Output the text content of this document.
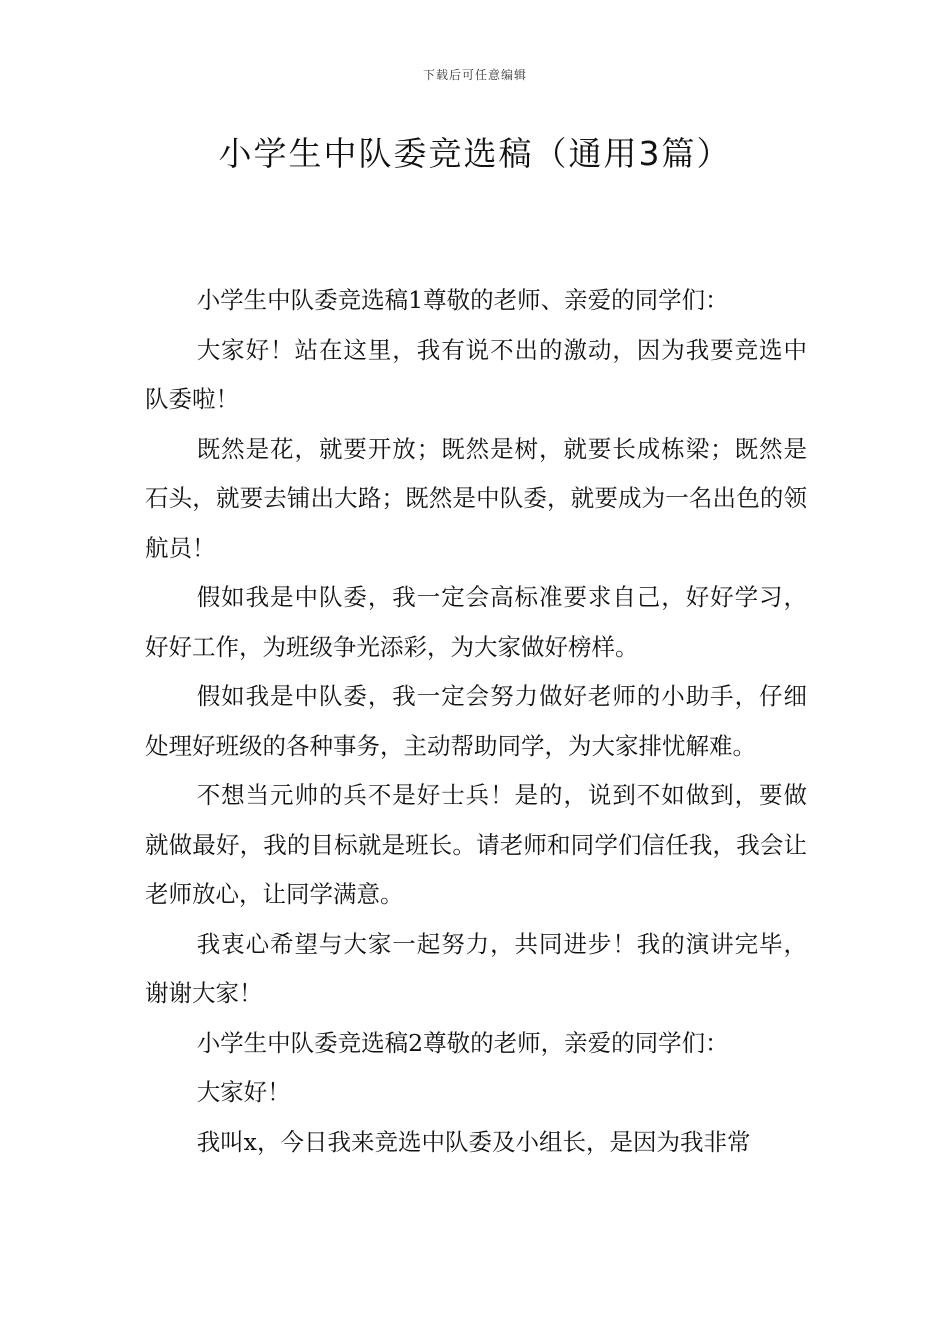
下载后可任意编辑
小学生中队委竞选稿（通用3篇）

小学生中队委竞选稿1尊敬的老师、亲爱的同学们：

大家好！站在这里，我有说不出的激动，因为我要竞选中队委啦！

既然是花，就要开放；既然是树，就要长成栋梁；既然是石头，就要去铺出大路；既然是中队委，就要成为一名出色的领航员！

假如我是中队委，我一定会高标准要求自己，好好学习，好好工作，为班级争光添彩，为大家做好榜样。

假如我是中队委，我一定会努力做好老师的小助手，仔细处理好班级的各种事务，主动帮助同学，为大家排忧解难。

不想当元帅的兵不是好士兵！是的，说到不如做到，要做就做最好，我的目标就是班长。请老师和同学们信任我，我会让老师放心，让同学满意。

我衷心希望与大家一起努力，共同进步！我的演讲完毕，谢谢大家！

小学生中队委竞选稿2尊敬的老师，亲爱的同学们：

大家好！

我叫x，今日我来竞选中队委及小组长，是因为我非常
